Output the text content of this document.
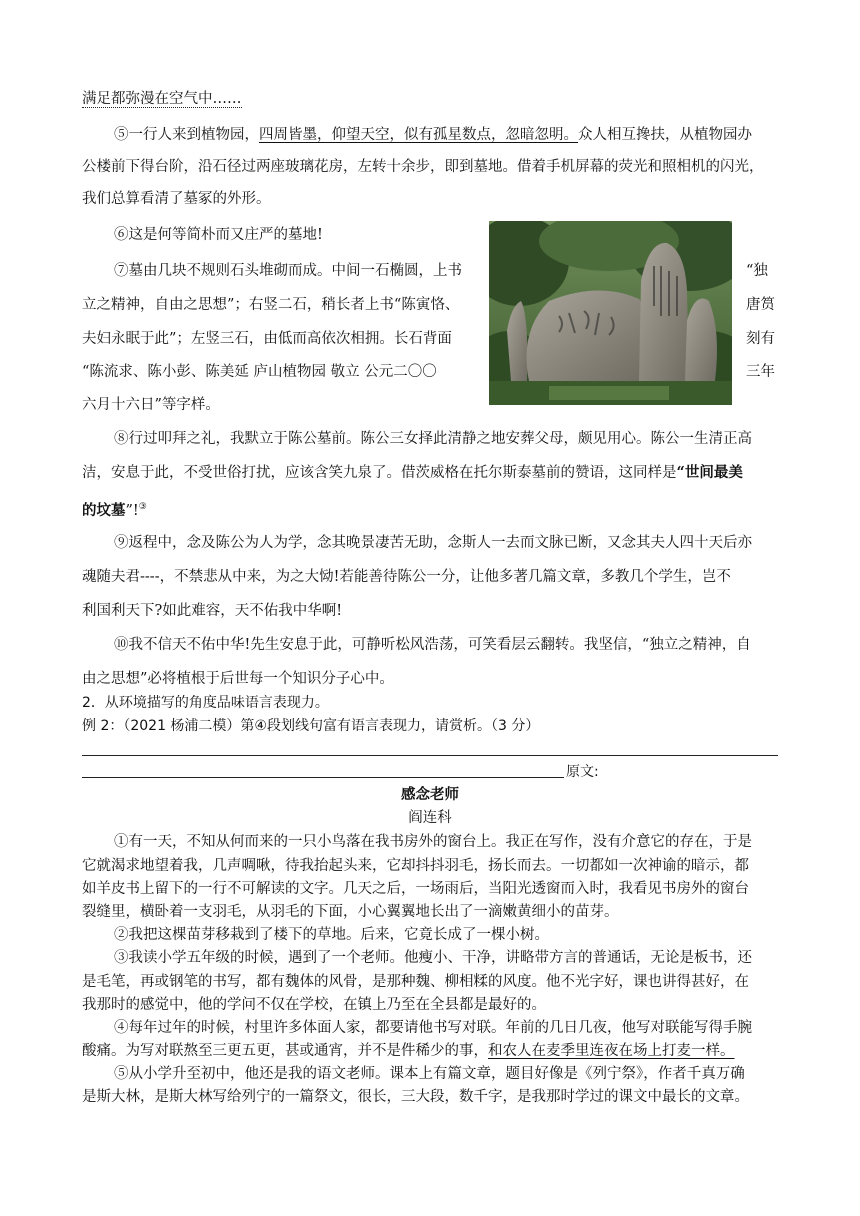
满足都弥漫在空气中……
⑤一行人来到植物园，四周皆墨，仰望天空，似有孤星数点，忽暗忽明。众人相互搀扶，从植物园办
公楼前下得台阶，沿石径过两座玻璃花房，左转十余步，即到墓地。借着手机屏幕的荧光和照相机的闪光，
我们总算看清了墓冢的外形。
⑥这是何等简朴而又庄严的墓地!
⑦墓由几块不规则石头堆砌而成。中间一石椭圆，上书	“独
立之精神，自由之思想”；右竖二石，稍长者上书“陈寅恪、	唐筼
夫妇永眠于此”；左竖三石，由低而高依次相拥。长石背面	刻有
“陈流求、陈小彭、陈美延 庐山植物园 敬立 公元二〇〇	三年
六月十六日”等字样。
⑧行过叩拜之礼，我默立于陈公墓前。陈公三女择此清静之地安葬父母，颇见用心。陈公一生清正高
洁，安息于此，不受世俗打扰，应该含笑九泉了。借茨威格在托尔斯泰墓前的赞语，这同样是“世间最美
的坟墓”!③
⑨返程中，念及陈公为人为学，念其晚景凄苦无助，念斯人一去而文脉已断，又念其夫人四十天后亦
魂随夫君----，不禁悲从中来，为之大恸!若能善待陈公一分，让他多著几篇文章，多教几个学生，岂不
利国利天下?如此难容，天不佑我中华啊!
⑩我不信天不佑中华!先生安息于此，可静听松风浩荡，可笑看层云翻转。我坚信，“独立之精神，自
由之思想”必将植根于后世每一个知识分子心中。
2．从环境描写的角度品味语言表现力。
例 2：（2021 杨浦二模）第④段划线句富有语言表现力，请赏析。（3 分）
原文:
感念老师
阎连科
①有一天，不知从何而来的一只小鸟落在我书房外的窗台上。我正在写作，没有介意它的存在，于是
它就渴求地望着我，几声啁啾，待我抬起头来，它却抖抖羽毛，扬长而去。一切都如一次神谕的暗示，都
如羊皮书上留下的一行不可解读的文字。几天之后，一场雨后，当阳光透窗而入时，我看见书房外的窗台
裂缝里，横卧着一支羽毛，从羽毛的下面，小心翼翼地长出了一滴嫩黄细小的苗芽。
②我把这棵苗芽移栽到了楼下的草地。后来，它竟长成了一棵小树。
③我读小学五年级的时候，遇到了一个老师。他瘦小、干净，讲略带方言的普通话，无论是板书，还
是毛笔，再或钢笔的书写，都有魏体的风骨，是那种魏、柳相糅的风度。他不光字好，课也讲得甚好，在
我那时的感觉中，他的学问不仅在学校，在镇上乃至在全县都是最好的。
④每年过年的时候，村里许多体面人家，都要请他书写对联。年前的几日几夜，他写对联能写得手腕
酸痛。为写对联熬至三更五更，甚或通宵，并不是件稀少的事，和农人在麦季里连夜在场上打麦一样。
⑤从小学升至初中，他还是我的语文老师。课本上有篇文章，题目好像是《列宁祭》，作者千真万确
是斯大林，是斯大林写给列宁的一篇祭文，很长，三大段，数千字，是我那时学过的课文中最长的文章。
